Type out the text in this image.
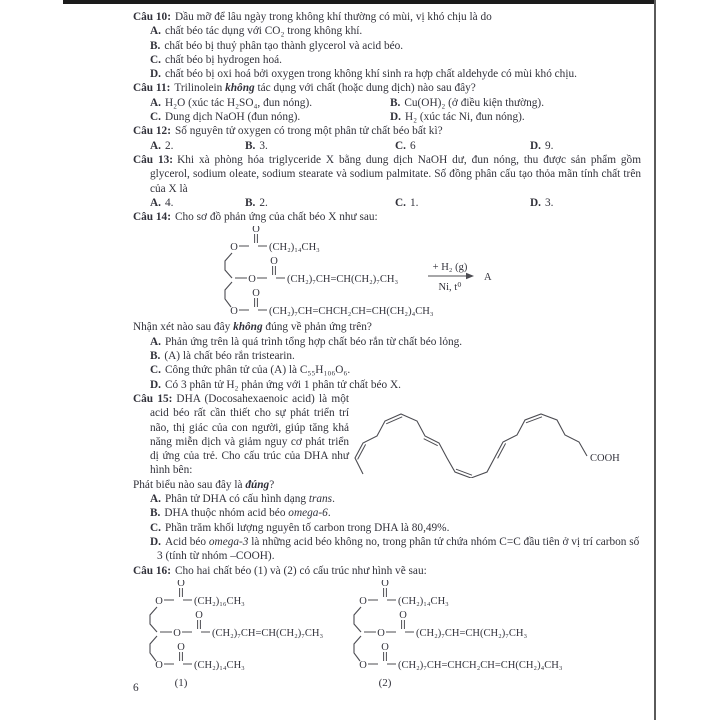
Câu 10: Dầu mỡ để lâu ngày trong không khí thường có mùi, vị khó chịu là do

A. chất béo tác dụng với CO₂ trong không khí.

B. chất béo bị thuỷ phân tạo thành glycerol và acid béo.

C. chất béo bị hydrogen hoá.

D. chất béo bị oxi hoá bởi oxygen trong không khí sinh ra hợp chất aldehyde có mùi khó chịu.

Câu 11: Trilinolein không tác dụng với chất (hoặc dung dịch) nào sau đây?

A. H₂O (xúc tác H₂SO₄, đun nóng).	B. Cu(OH)₂ (ở điều kiện thường).
C. Dung dịch NaOH (đun nóng).	D. H₂ (xúc tác Ni, đun nóng).

Câu 12: Số nguyên tử oxygen có trong một phân tử chất béo bất kì?

A. 2.	B. 3.	C. 6	D. 9.

Câu 13: Khi xà phòng hóa triglyceride X bằng dung dịch NaOH dư, đun nóng, thu được sản phẩm gồm glycerol, sodium oleate, sodium stearate và sodium palmitate. Số đồng phân cấu tạo thỏa mãn tính chất trên của X là

A. 4.	B. 2.	C. 1.	D. 3.

Câu 14: Cho sơ đồ phản ứng của chất béo X như sau:

O
O
(CH₂)₁₄CH₃
O
O
(CH₂)₇CH=CH(CH₂)₇CH₃
O
O
(CH₂)₇CH=CHCH₂CH=CH(CH₂)₄CH₃
+ H₂ (g)
Ni, t⁰
A

Nhận xét nào sau đây không đúng về phản ứng trên?

A. Phản ứng trên là quá trình tổng hợp chất béo rắn từ chất béo lỏng.

B. (A) là chất béo rắn tristearin.

C. Công thức phân tử của (A) là C₅₅H₁₀₆O₆.

D. Có 3 phân tử H₂ phản ứng với 1 phân tử chất béo X.

Câu 15: DHA (Docosahexaenoic acid) là một acid béo rất cần thiết cho sự phát triển trí não, thị giác của con người, giúp tăng khả năng miễn dịch và giảm nguy cơ phát triển dị ứng của trẻ. Cho cấu trúc của DHA như hình bên:

COOH

Phát biểu nào sau đây là đúng?

A. Phân tử DHA có cấu hình dạng trans.

B. DHA thuộc nhóm acid béo omega-6.

C. Phần trăm khối lượng nguyên tố carbon trong DHA là 80,49%.

D. Acid béo omega-3 là những acid béo không no, trong phân tử chứa nhóm C=C đầu tiên ở vị trí carbon số 3 (tính từ nhóm –COOH).

Câu 16: Cho hai chất béo (1) và (2) có cấu trúc như hình vẽ sau:

O
O
(CH₂)₁₆CH₃
O
O
(CH₂)₇CH=CH(CH₂)₇CH₃
O
O
(CH₂)₁₄CH₃
(1)
O
O
(CH₂)₁₄CH₃
O
O
(CH₂)₇CH=CH(CH₂)₇CH₃
O
O
(CH₂)₇CH=CHCH₂CH=CH(CH₂)₄CH₃
(2)
6
